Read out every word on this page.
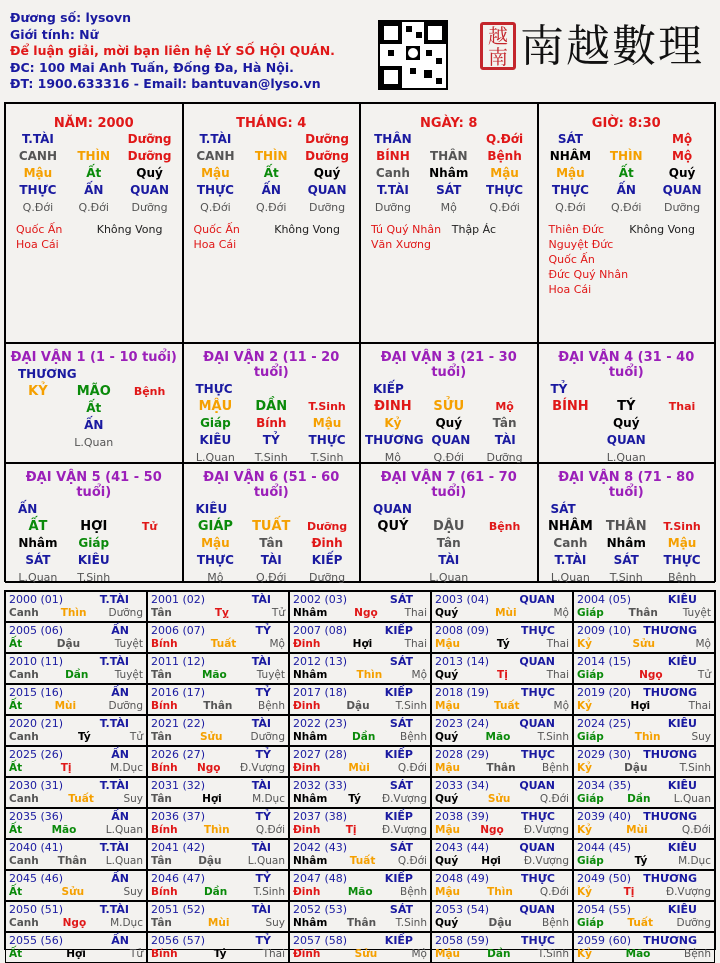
Đương số: lysovn
Giới tính: Nữ
Để luận giải, mời bạn liên hệ LÝ SỐ HỘI QUÁN.
ĐC: 100 Mai Anh Tuấn, Đống Đa, Hà Nội.
ĐT: 1900.633316 - Email: bantuvan@lyso.vn
越
南 南越數理
NĂM: 2000
T.TÀI	Dưỡng
CANH	THÌN	Dưỡng
Mậu	Ất	Quý
THỰC	ẤN	QUAN
Q.Đới	Q.Đới	Dưỡng
Quốc Ấn	Không Vong
Hoa Cái
THÁNG: 4
T.TÀI	Dưỡng
CANH	THÌN	Dưỡng
Mậu	Ất	Quý
THỰC	ẤN	QUAN
Q.Đới	Q.Đới	Dưỡng
Quốc Ấn	Không Vong
Hoa Cái
NGÀY: 8
THÂN	Q.Đới
BÍNH	THÂN	Bệnh
Canh	Nhâm	Mậu
T.TÀI	SÁT	THỰC
Dưỡng	Mộ	Q.Đới
Tú Quý Nhân Thập Ác
Văn Xương
GIỜ: 8:30
SÁT	Mộ
NHÂM	THÌN	Mộ
Mậu	Ất	Quý
THỰC	ẤN	QUAN
Q.Đới	Q.Đới	Dưỡng
Thiên Đức	Không Vong
Nguyệt Đức
Quốc Ấn
Đức Quý Nhân
Hoa Cái
ĐẠI VẬN 1 (1 - 10 tuổi)
THƯƠNG
KỶ	MÃO	Bệnh
Ất
ẤN
L.Quan
ĐẠI VẬN 2 (11 - 20 tuổi)
THỰC
MẬU	DẦN	T.Sinh
Giáp	Bính	Mậu
KIÊU	TỶ	THỰC
L.Quan	T.Sinh	T.Sinh
ĐẠI VẬN 3 (21 - 30 tuổi)
KIẾP
ĐINH	SỬU	Mộ
Kỷ	Quý	Tân
THƯƠNG QUAN	TÀI
Mộ	Q.Đới	Dưỡng
ĐẠI VẬN 4 (31 - 40 tuổi)
TỶ
BÍNH	TÝ	Thai
Quý
QUAN
L.Quan
ĐẠI VẬN 5 (41 - 50 tuổi)
ẤN
ẤT	HỢI	Tử
Nhâm	Giáp
SÁT	KIÊU
L.Quan	T.Sinh
ĐẠI VẬN 6 (51 - 60 tuổi)
KIÊU
GIÁP	TUẤT	Dưỡng
Mậu	Tân	Đinh
THỰC	TÀI	KIẾP
Mộ	Q.Đới	Dưỡng
ĐẠI VẬN 7 (61 - 70 tuổi)
QUAN
QUÝ	DẬU	Bệnh
Tân
TÀI
L.Quan
ĐẠI VẬN 8 (71 - 80 tuổi)
SÁT
NHÂM	THÂN	T.Sinh
Canh	Nhâm	Mậu
T.TÀI	SÁT	THỰC
L.Quan	T.Sinh	Bệnh
2000 (01)	T.TÀI
Canh Thìn Dưỡng
2001 (02)	TÀI
Tân	Tỵ	Tử
2002 (03)	SÁT
Nhâm	Ngọ	Thai
2003 (04)	QUAN
Quý	Mùi	Mộ
2004 (05)	KIÊU
Giáp Thân Tuyệt
2005 (06)	ẤN
Ất	Dậu	Tuyệt
2006 (07)	TỶ
Bính	Tuất	Mộ
2007 (08)	KIẾP
Đinh	Hợi	Thai
2008 (09)	THỰC
Mậu	Tý	Thai
2009 (10) THƯƠNG
Kỷ	Sửu	Mộ
2010 (11)	T.TÀI
Canh	Dần	Tuyệt
2011 (12)	TÀI
Tân	Mão	Tuyệt
2012 (13)	SÁT
Nhâm	Thìn	Mộ
2013 (14)	QUAN
Quý	Tị	Thai
2014 (15)	KIÊU
Giáp	Ngọ	Tử
2015 (16)	ẤN
Ất	Mùi	Dưỡng
2016 (17)	TỶ
Bính Thân Bệnh
2017 (18)	KIẾP
Đinh Dậu T.Sinh
2018 (19)	THỰC
Mậu	Tuất	Mộ
2019 (20) THƯƠNG
Kỷ	Hợi	Thai
2020 (21)	T.TÀI
Canh	Tý	Tử
2021 (22)	TÀI
Tân	Sửu	Dưỡng
2022 (23)	SÁT
Nhâm Dần Bệnh
2023 (24)	QUAN
Quý	Mão	T.Sinh
2024 (25)	KIÊU
Giáp	Thìn	Suy
2025 (26)	ẤN
Ất	Tị	M.Dục
2026 (27)	TỶ
Bính Ngọ Đ.Vượng
2027 (28)	KIẾP
Đinh	Mùi	Q.Đới
2028 (29)	THỰC
Mậu	Thân	Bệnh
2029 (30) THƯƠNG
Kỷ	Dậu	T.Sinh
2030 (31)	T.TÀI
Canh	Tuất	Suy
2031 (32)	TÀI
Tân	Hợi	M.Dục
2032 (33)	SÁT
Nhâm Tý Đ.Vượng
2033 (34)	QUAN
Quý	Sửu	Q.Đới
2034 (35)	KIÊU
Giáp Dần L.Quan
2035 (36)	ẤN
Ất	Mão	L.Quan
2036 (37)	TỶ
Bính	Thìn	Q.Đới
2037 (38)	KIẾP
Đinh Tị Đ.Vượng
2038 (39)	THỰC
Mậu Ngọ Đ.Vượng
2039 (40) THƯƠNG
Kỷ	Mùi	Q.Đới
2040 (41)	T.TÀI
Canh Thân L.Quan
2041 (42)	TÀI
Tân	Dậu	L.Quan
2042 (43)	SÁT
Nhâm Tuất Q.Đới
2043 (44)	QUAN
Quý Hợi Đ.Vượng
2044 (45)	KIÊU
Giáp	Tý	M.Dục
2045 (46)	ẤN
Ất	Sửu	Suy
2046 (47)	TỶ
Bính	Dần	T.Sinh
2047 (48)	KIẾP
Đinh	Mão	Bệnh
2048 (49)	THỰC
Mậu	Thìn	Q.Đới
2049 (50) THƯƠNG
Kỷ	Tị	Đ.Vượng
2050 (51)	T.TÀI
Canh Ngọ M.Dục
2051 (52)	TÀI
Tân	Mùi	Suy
2052 (53)	SÁT
Nhâm Thân T.Sinh
2053 (54)	QUAN
Quý	Dậu	Bệnh
2054 (55)	KIÊU
Giáp Tuất Dưỡng
2055 (56)	ẤN
Ất	Hợi	Tử
2056 (57)	TỶ
Bính	Tý	Thai
2057 (58)	KIẾP
Đinh	Sửu	Mộ
2058 (59)	THỰC
Mậu	Dần	T.Sinh
2059 (60) THƯƠNG
Kỷ	Mão	Bệnh
